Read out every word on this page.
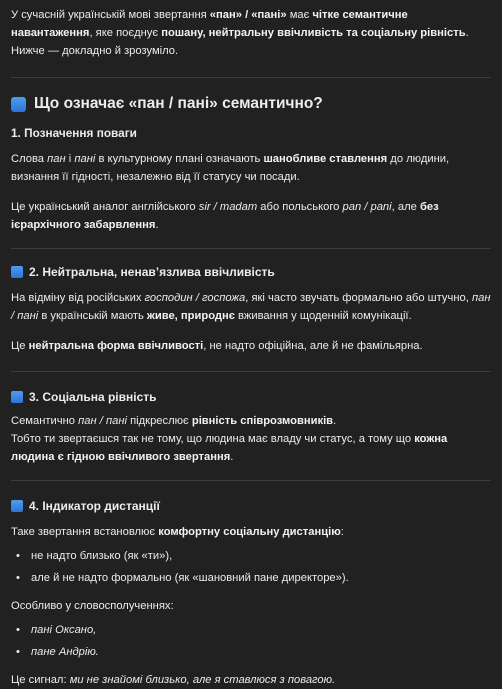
У сучасній українській мові звертання «пан» / «пані» має чітке семантичне навантаження, яке поєднує пошану, нейтральну ввічливість та соціальну рівність. Нижче — докладно й зрозуміло.

Що означає «пан / пані» семантично?
1. Позначення поваги

Слова пан і пані в культурному плані означають шанобливе ставлення до людини, визнання її гідності, незалежно від її статусу чи посади.

Це український аналог англійського sir / madam або польського pan / pani, але без ієрархічного забарвлення.

2. Нейтральна, ненав’язлива ввічливість

На відміну від російських господин / госпожа, які часто звучать формально або штучно, пан / пані в українській мають живе, природнє вживання у щоденній комунікації.

Це нейтральна форма ввічливості, не надто офіційна, але й не фамільярна.

3. Соціальна рівність

Семантично пан / пані підкреслює рівність співрозмовників.

Тобто ти звертаєшся так не тому, що людина має владу чи статус, а тому що кожна людина є гідною ввічливого звертання.

4. Індикатор дистанції

Таке звертання встановлює комфортну соціальну дистанцію:

• не надто близько (як «ти»),
• але й не надто формально (як «шановний пане директоре»).

Особливо у словосполученнях:

• пані Оксано,
• пане Андрію.

Це сигнал: ми не знайомі близько, але я ставлюся з повагою.
